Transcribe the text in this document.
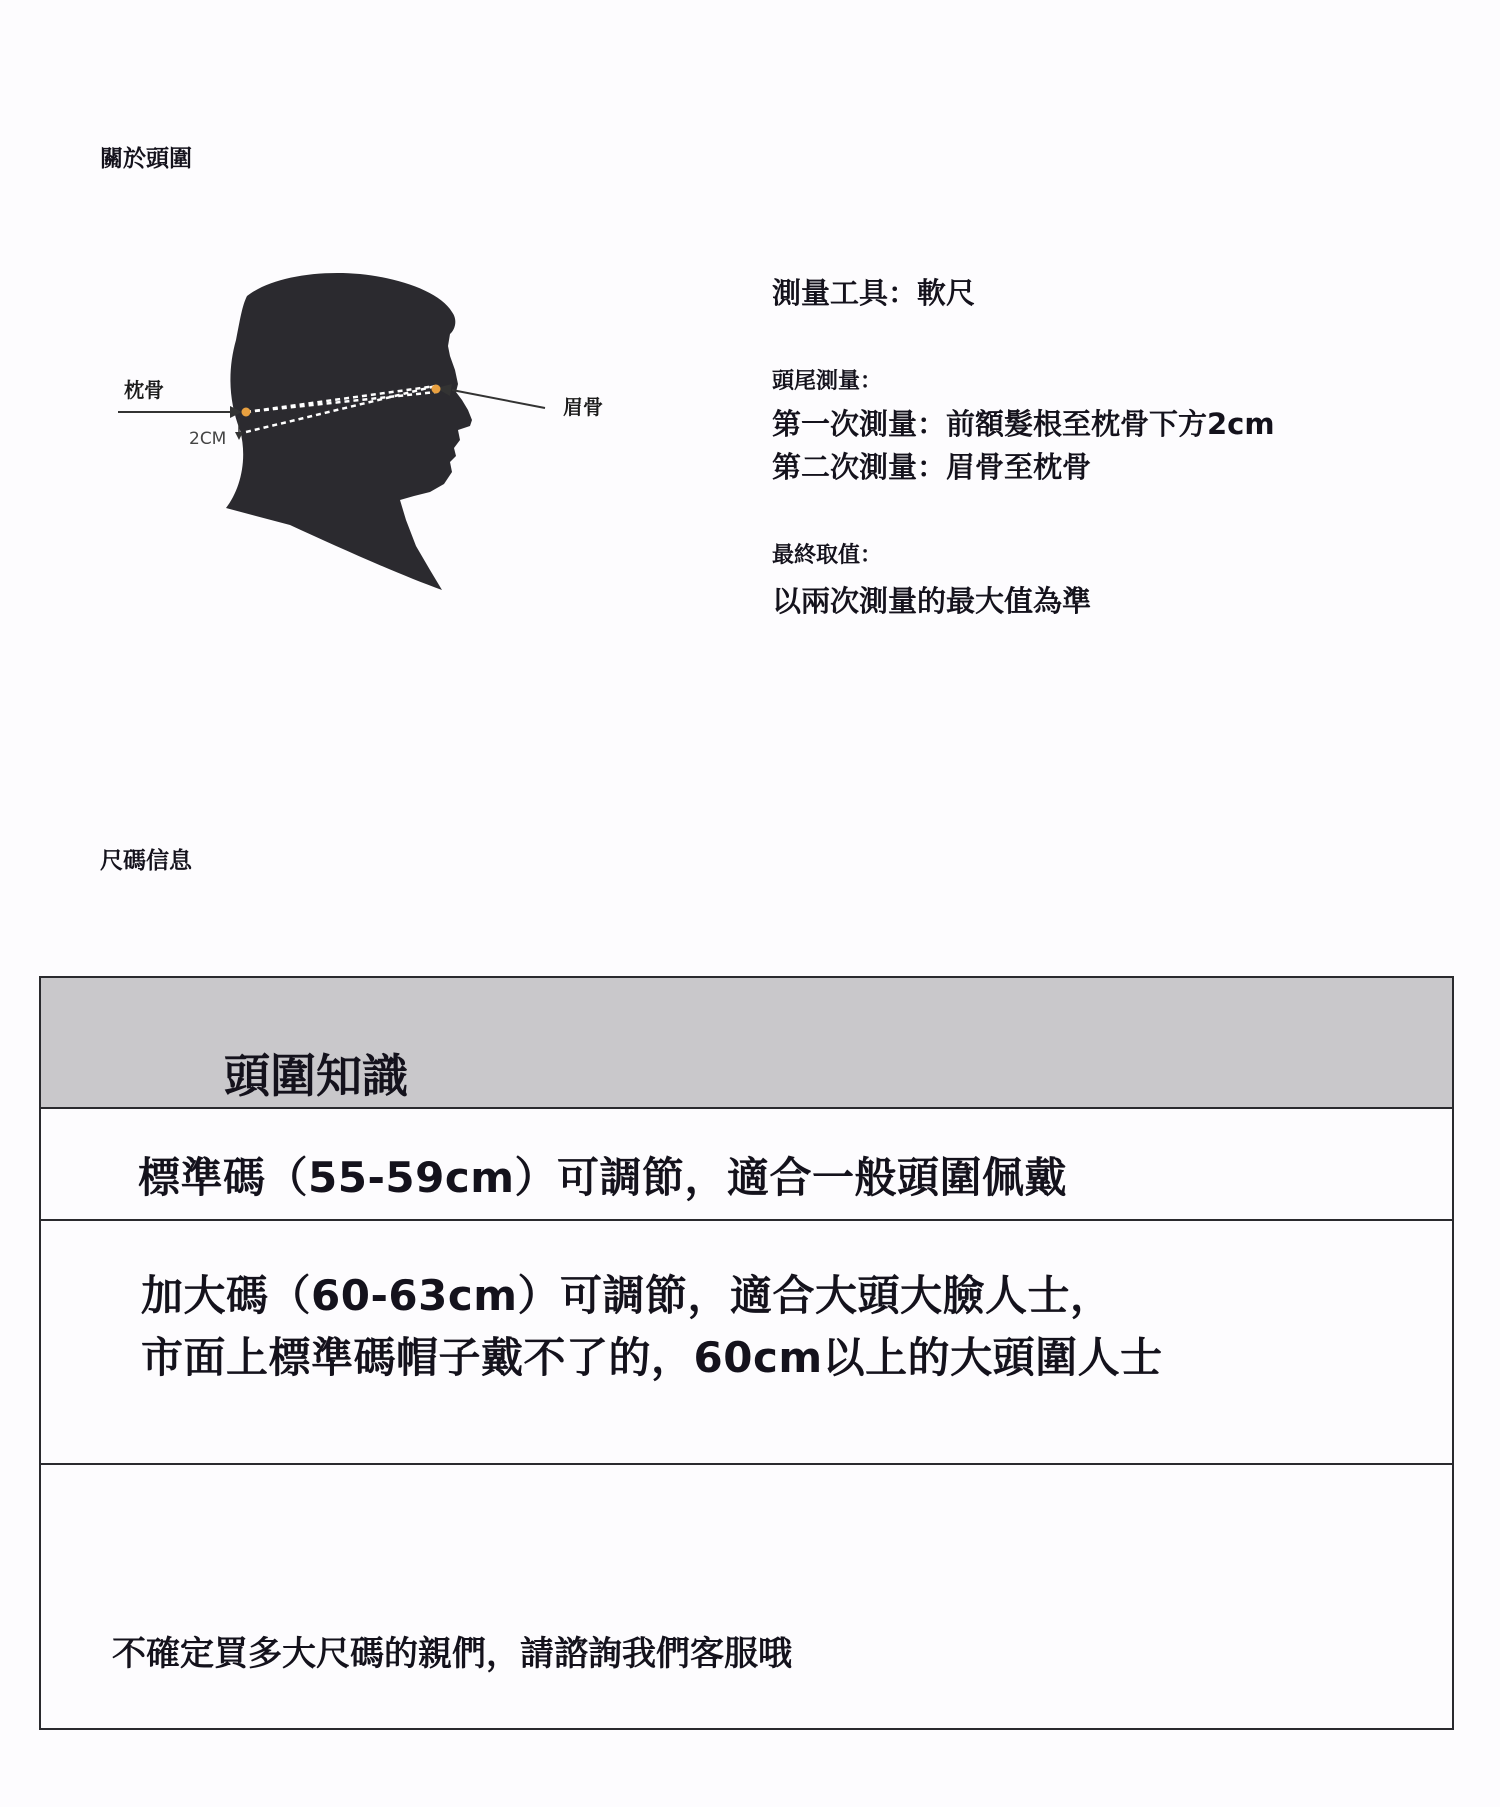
關於頭圍
枕骨
眉骨
2CM
測量工具：軟尺
頭尾測量：
第一次測量：前額髮根至枕骨下方2cm
第二次測量：眉骨至枕骨
最終取值：
以兩次測量的最大值為準
尺碼信息
頭圍知識
標準碼（55-59cm）可調節，適合一般頭圍佩戴
加大碼（60-63cm）可調節，適合大頭大臉人士，
市面上標準碼帽子戴不了的，60cm以上的大頭圍人士
不確定買多大尺碼的親們，請諮詢我們客服哦
